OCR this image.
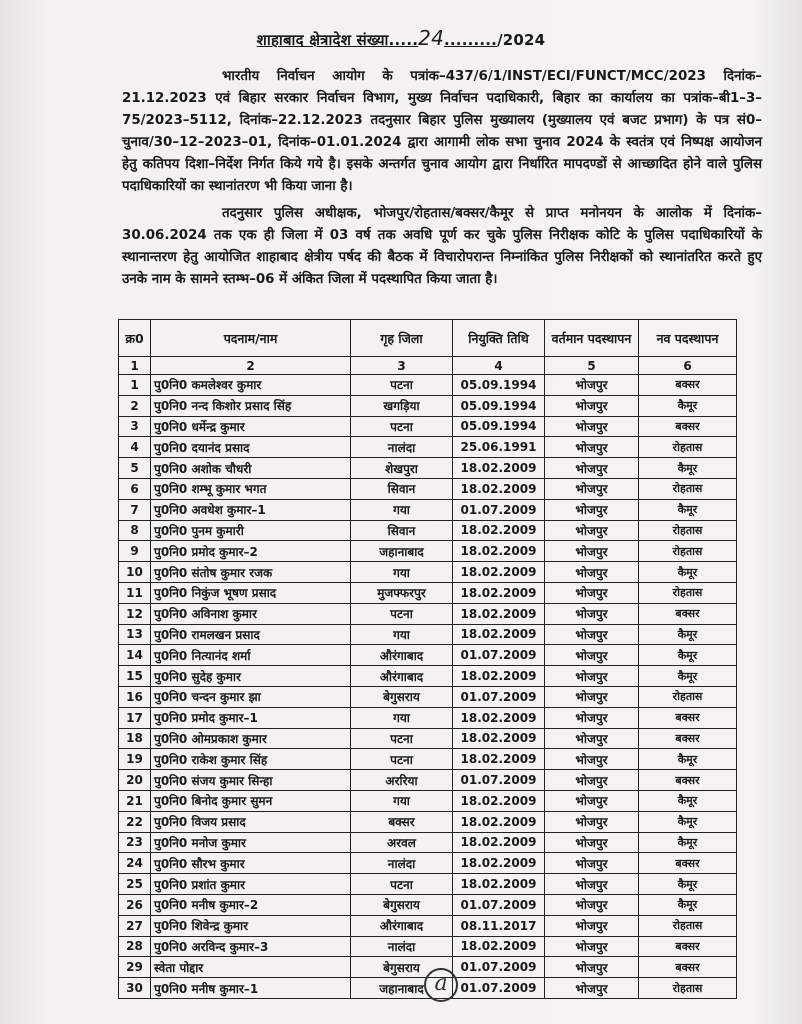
शाहाबाद क्षेत्रादेश संख्या.....24........./2024
भारतीय निर्वाचन आयोग के पत्रांक–437/6/1/INST/ECI/FUNCT/MCC/2023 दिनांक–21.12.2023 एवं बिहार सरकार निर्वाचन विभाग, मुख्य निर्वाचन पदाधिकारी, बिहार का कार्यालय का पत्रांक–बी1–3–75/2023–5112, दिनांक–22.12.2023 तदनुसार बिहार पुलिस मुख्यालय (मुख्यालय एवं बजट प्रभाग) के पत्र सं0–चुनाव/30–12–2023–01, दिनांक–01.01.2024 द्वारा आगामी लोक सभा चुनाव 2024 के स्वतंत्र एवं निष्पक्ष आयोजन हेतु कतिपय दिशा–निर्देश निर्गत किये गये है। इसके अन्तर्गत चुनाव आयोग द्वारा निर्धारित मापदण्डों से आच्छादित होने वाले पुलिस पदाधिकारियों का स्थानांतरण भी किया जाना है।
तदनुसार पुलिस अधीक्षक, भोजपुर/रोहतास/बक्सर/कैमूर से प्राप्त मनोनयन के आलोक में दिनांक–30.06.2024 तक एक ही जिला में 03 वर्ष तक अवधि पूर्ण कर चुके पुलिस निरीक्षक कोटि के पुलिस पदाधिकारियों के स्थानान्तरण हेतु आयोजित शाहाबाद क्षेत्रीय पर्षद की बैठक में विचारोपरान्त निम्नांकित पुलिस निरीक्षकों को स्थानांतरित करते हुए उनके नाम के सामने स्तम्भ–06 में अंकित जिला में पदस्थापित किया जाता है।
क्र0	पदनाम/नाम	गृह जिला	नियुक्ति तिथि	वर्तमान पदस्थापन	नव पदस्थापन
1	2	3	4	5	6
1	पु0नि0 कमलेश्वर कुमार	पटना	05.09.1994	भोजपुर	बक्सर
2	पु0नि0 नन्द किशोर प्रसाद सिंह	खगड़िया	05.09.1994	भोजपुर	कैमूर
3	पु0नि0 धर्मेन्द्र कुमार	पटना	05.09.1994	भोजपुर	बक्सर
4	पु0नि0 दयानंद प्रसाद	नालंदा	25.06.1991	भोजपुर	रोहतास
5	पु0नि0 अशोक चौधरी	शेखपुरा	18.02.2009	भोजपुर	कैमूर
6	पु0नि0 शम्भू कुमार भगत	सिवान	18.02.2009	भोजपुर	रोहतास
7	पु0नि0 अवधेश कुमार–1	गया	01.07.2009	भोजपुर	कैमूर
8	पु0नि0 पुनम कुमारी	सिवान	18.02.2009	भोजपुर	रोहतास
9	पु0नि0 प्रमोद कुमार–2	जहानाबाद	18.02.2009	भोजपुर	रोहतास
10	पु0नि0 संतोष कुमार रजक	गया	18.02.2009	भोजपुर	कैमूर
11	पु0नि0 निकुंज भूषण प्रसाद	मुजफ्फरपुर	18.02.2009	भोजपुर	रोहतास
12	पु0नि0 अविनाश कुमार	पटना	18.02.2009	भोजपुर	बक्सर
13	पु0नि0 रामलखन प्रसाद	गया	18.02.2009	भोजपुर	कैमूर
14	पु0नि0 नित्यानंद शर्मा	औरंगाबाद	01.07.2009	भोजपुर	कैमूर
15	पु0नि0 सुदेह कुमार	औरंगाबाद	18.02.2009	भोजपुर	कैमूर
16	पु0नि0 चन्दन कुमार झा	बेगुसराय	01.07.2009	भोजपुर	रोहतास
17	पु0नि0 प्रमोद कुमार–1	गया	18.02.2009	भोजपुर	बक्सर
18	पु0नि0 ओमप्रकाश कुमार	पटना	18.02.2009	भोजपुर	बक्सर
19	पु0नि0 राकेश कुमार सिंह	पटना	18.02.2009	भोजपुर	कैमूर
20	पु0नि0 संजय कुमार सिन्हा	अररिया	01.07.2009	भोजपुर	बक्सर
21	पु0नि0 बिनोद कुमार सुमन	गया	18.02.2009	भोजपुर	कैमूर
22	पु0नि0 विजय प्रसाद	बक्सर	18.02.2009	भोजपुर	कैमूर
23	पु0नि0 मनोज कुमार	अरवल	18.02.2009	भोजपुर	कैमूर
24	पु0नि0 सौरभ कुमार	नालंदा	18.02.2009	भोजपुर	बक्सर
25	पु0नि0 प्रशांत कुमार	पटना	18.02.2009	भोजपुर	कैमूर
26	पु0नि0 मनीष कुमार–2	बेगुसराय	01.07.2009	भोजपुर	कैमूर
27	पु0नि0 शिवेन्द्र कुमार	औरंगाबाद	08.11.2017	भोजपुर	रोहतास
28	पु0नि0 अरविन्द कुमार–3	नालंदा	18.02.2009	भोजपुर	बक्सर
29	स्वेता पोद्दार	बेगुसराय	01.07.2009	भोजपुर	बक्सर
30	पु0नि0 मनीष कुमार–1	जहानाबाद	01.07.2009	भोजपुर	रोहतास
a
